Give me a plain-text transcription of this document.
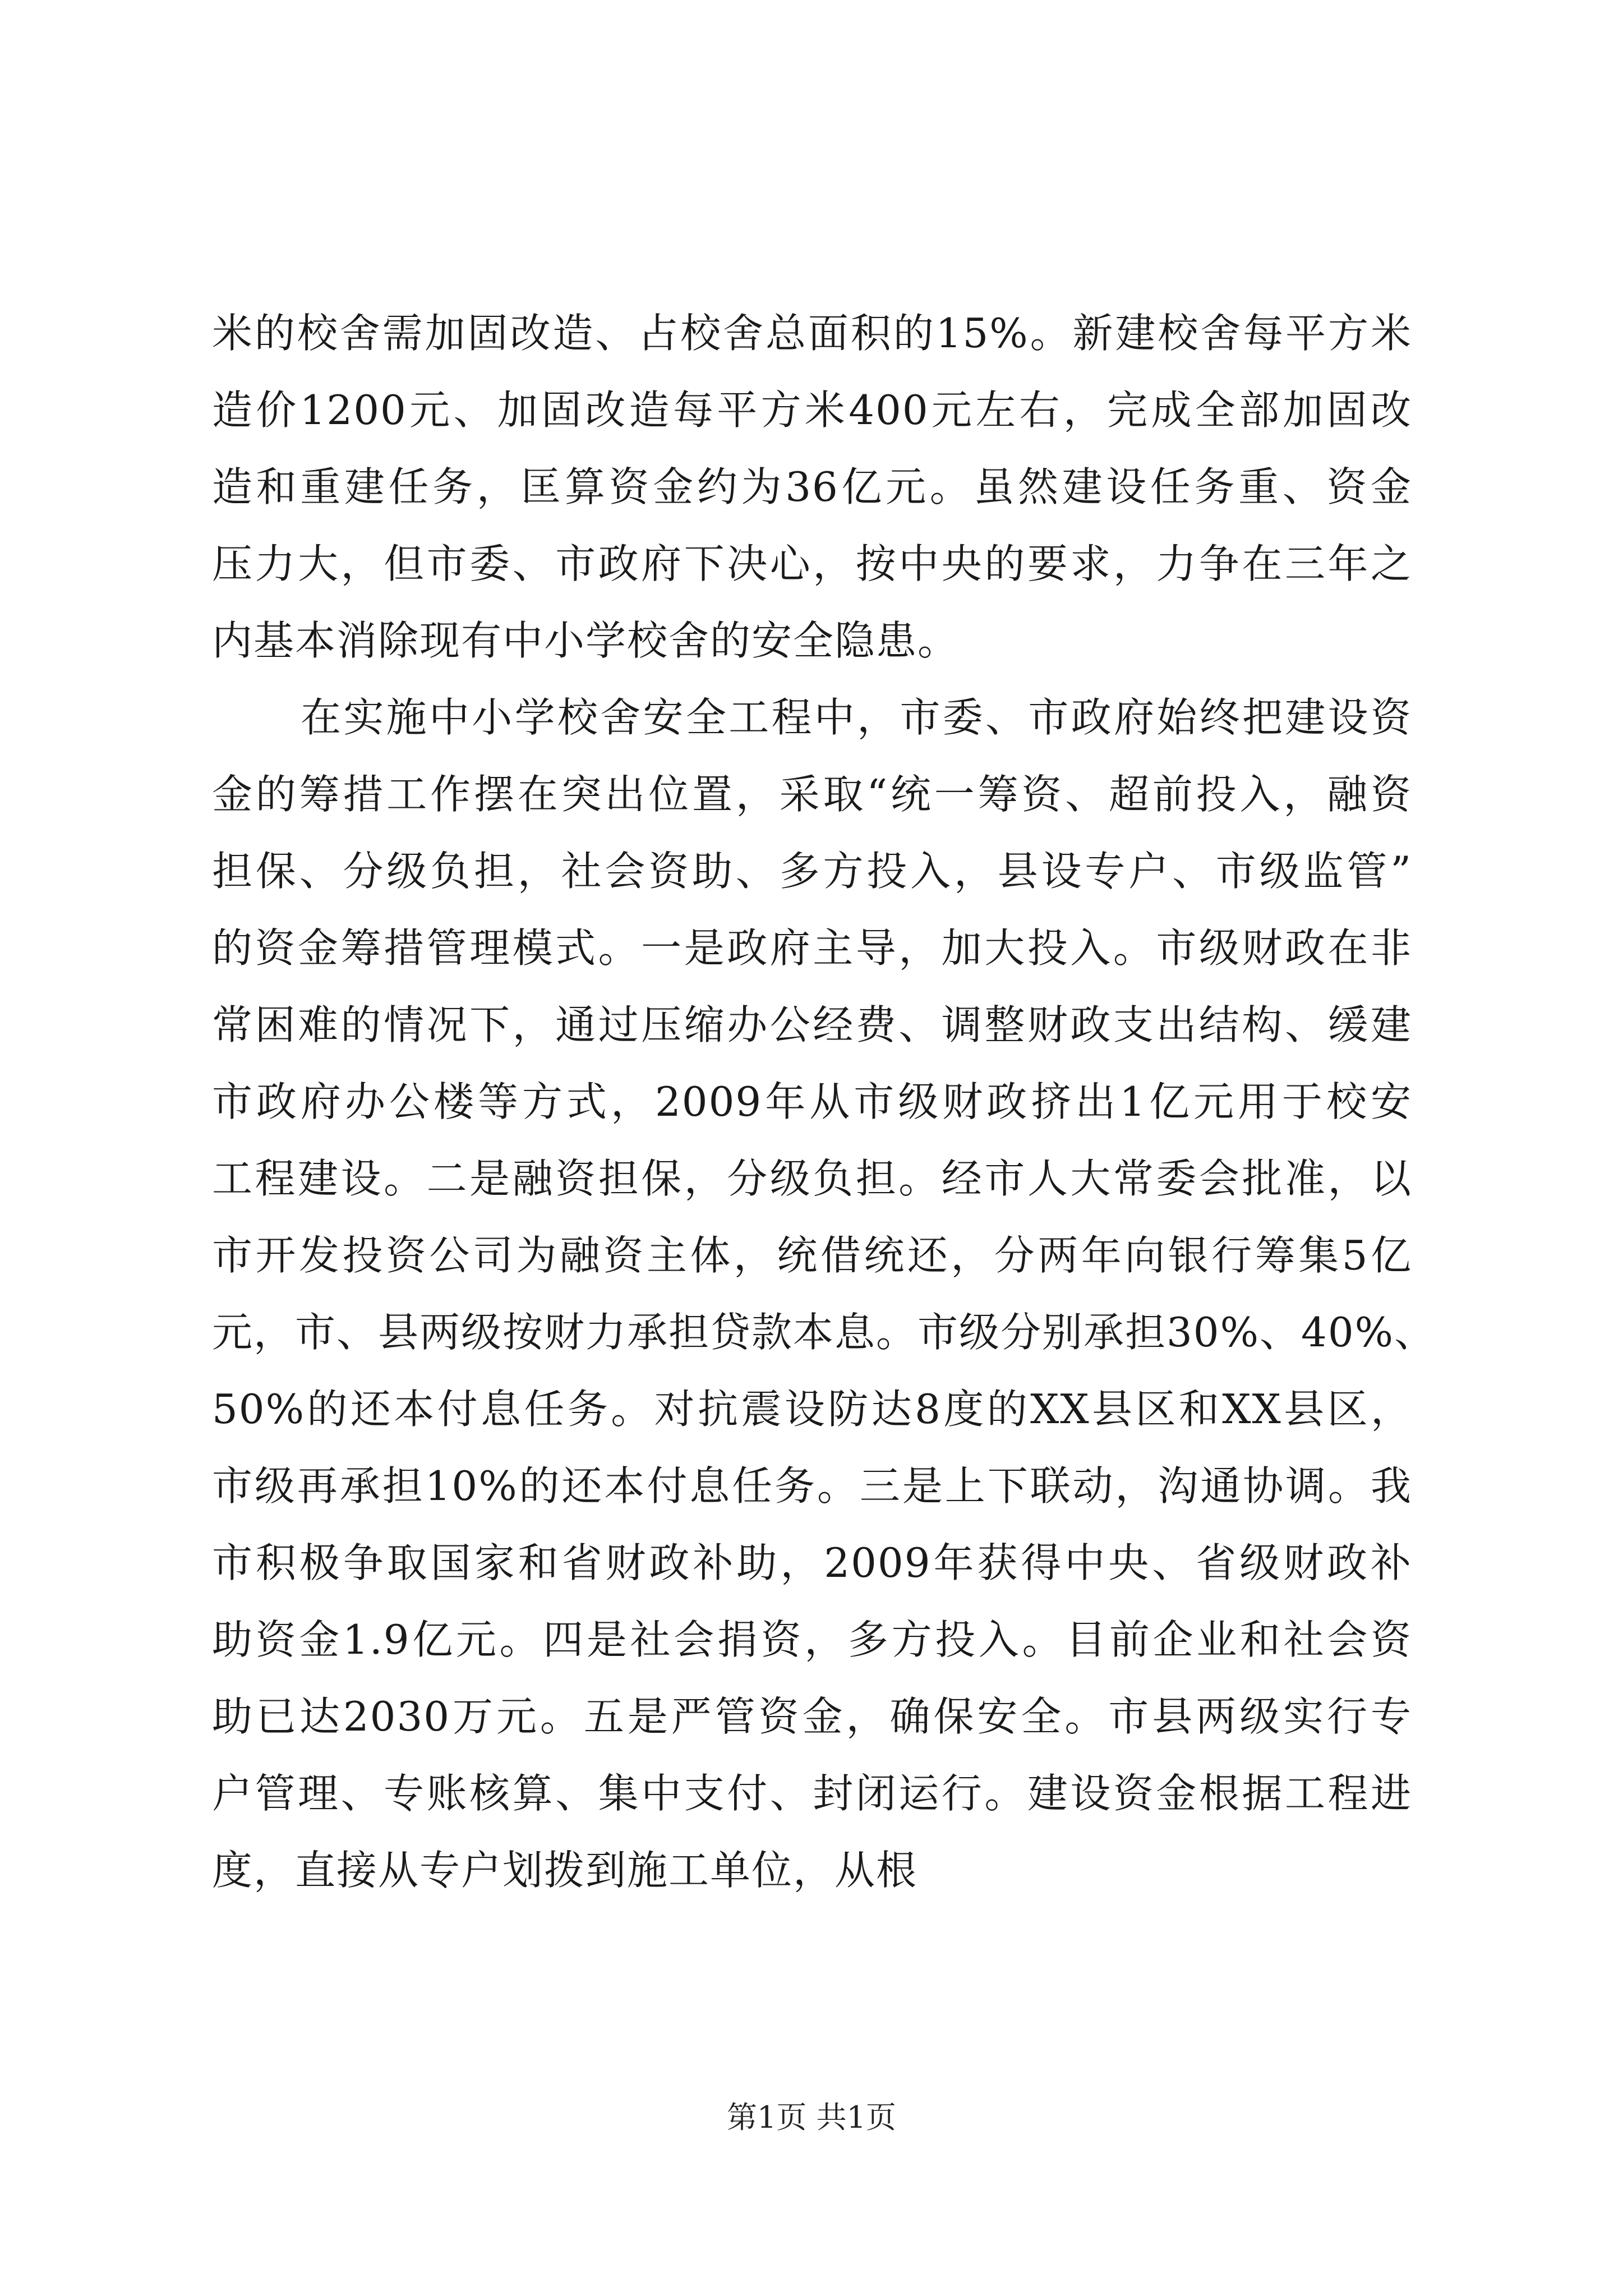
米的校舍需加固改造、占校舍总面积的15%。新建校舍每平方米
造价1200元、加固改造每平方米400元左右，完成全部加固改
造和重建任务，匡算资金约为36亿元。虽然建设任务重、资金
压力大，但市委、市政府下决心，按中央的要求，力争在三年之
内基本消除现有中小学校舍的安全隐患。
在实施中小学校舍安全工程中，市委、市政府始终把建设资
金的筹措工作摆在突出位置，采取“统一筹资、超前投入，融资
担保、分级负担，社会资助、多方投入，县设专户、市级监管”
的资金筹措管理模式。一是政府主导，加大投入。市级财政在非
常困难的情况下，通过压缩办公经费、调整财政支出结构、缓建
市政府办公楼等方式，2009年从市级财政挤出1亿元用于校安
工程建设。二是融资担保，分级负担。经市人大常委会批准，以
市开发投资公司为融资主体，统借统还，分两年向银行筹集5亿
元，市、县两级按财力承担贷款本息。市级分别承担30%、40%、
50%的还本付息任务。对抗震设防达8度的XX县区和XX县区，
市级再承担10%的还本付息任务。三是上下联动，沟通协调。我
市积极争取国家和省财政补助，2009年获得中央、省级财政补
助资金1.9亿元。四是社会捐资，多方投入。目前企业和社会资
助已达2030万元。五是严管资金，确保安全。市县两级实行专
户管理、专账核算、集中支付、封闭运行。建设资金根据工程进
度，直接从专户划拨到施工单位，从根
第1页 共1页
